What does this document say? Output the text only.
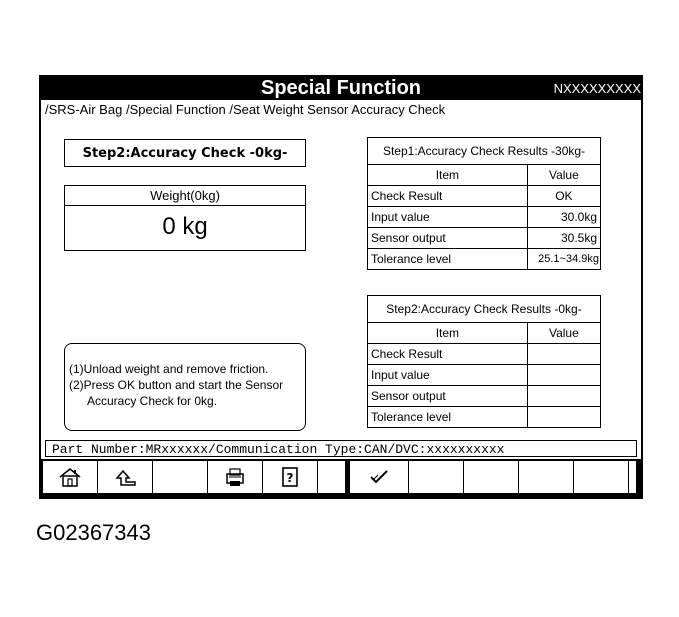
Special Function	NXXXXXXXXX
/ SRS-Air Bag / Special Function / Seat Weight Sensor Accuracy Check
Step2:Accuracy Check -0kg-
Weight(0kg)
0 kg
(1)Unload weight and remove friction.
(2)Press OK button and start the Sensor
Accuracy Check for 0kg.
Step1:Accuracy Check Results -30kg-	
Item	Value
Check Result	OK
Input value	30.0kg
Sensor output	30.5kg
Tolerance level	25.1~34.9kg
Step2:Accuracy Check Results -0kg-	
Item	Value
Check Result	
Input value	
Sensor output	
Tolerance level	
Part Number:MRxxxxxx/Communication Type:CAN/DVC:xxxxxxxxxx
?
G02367343
